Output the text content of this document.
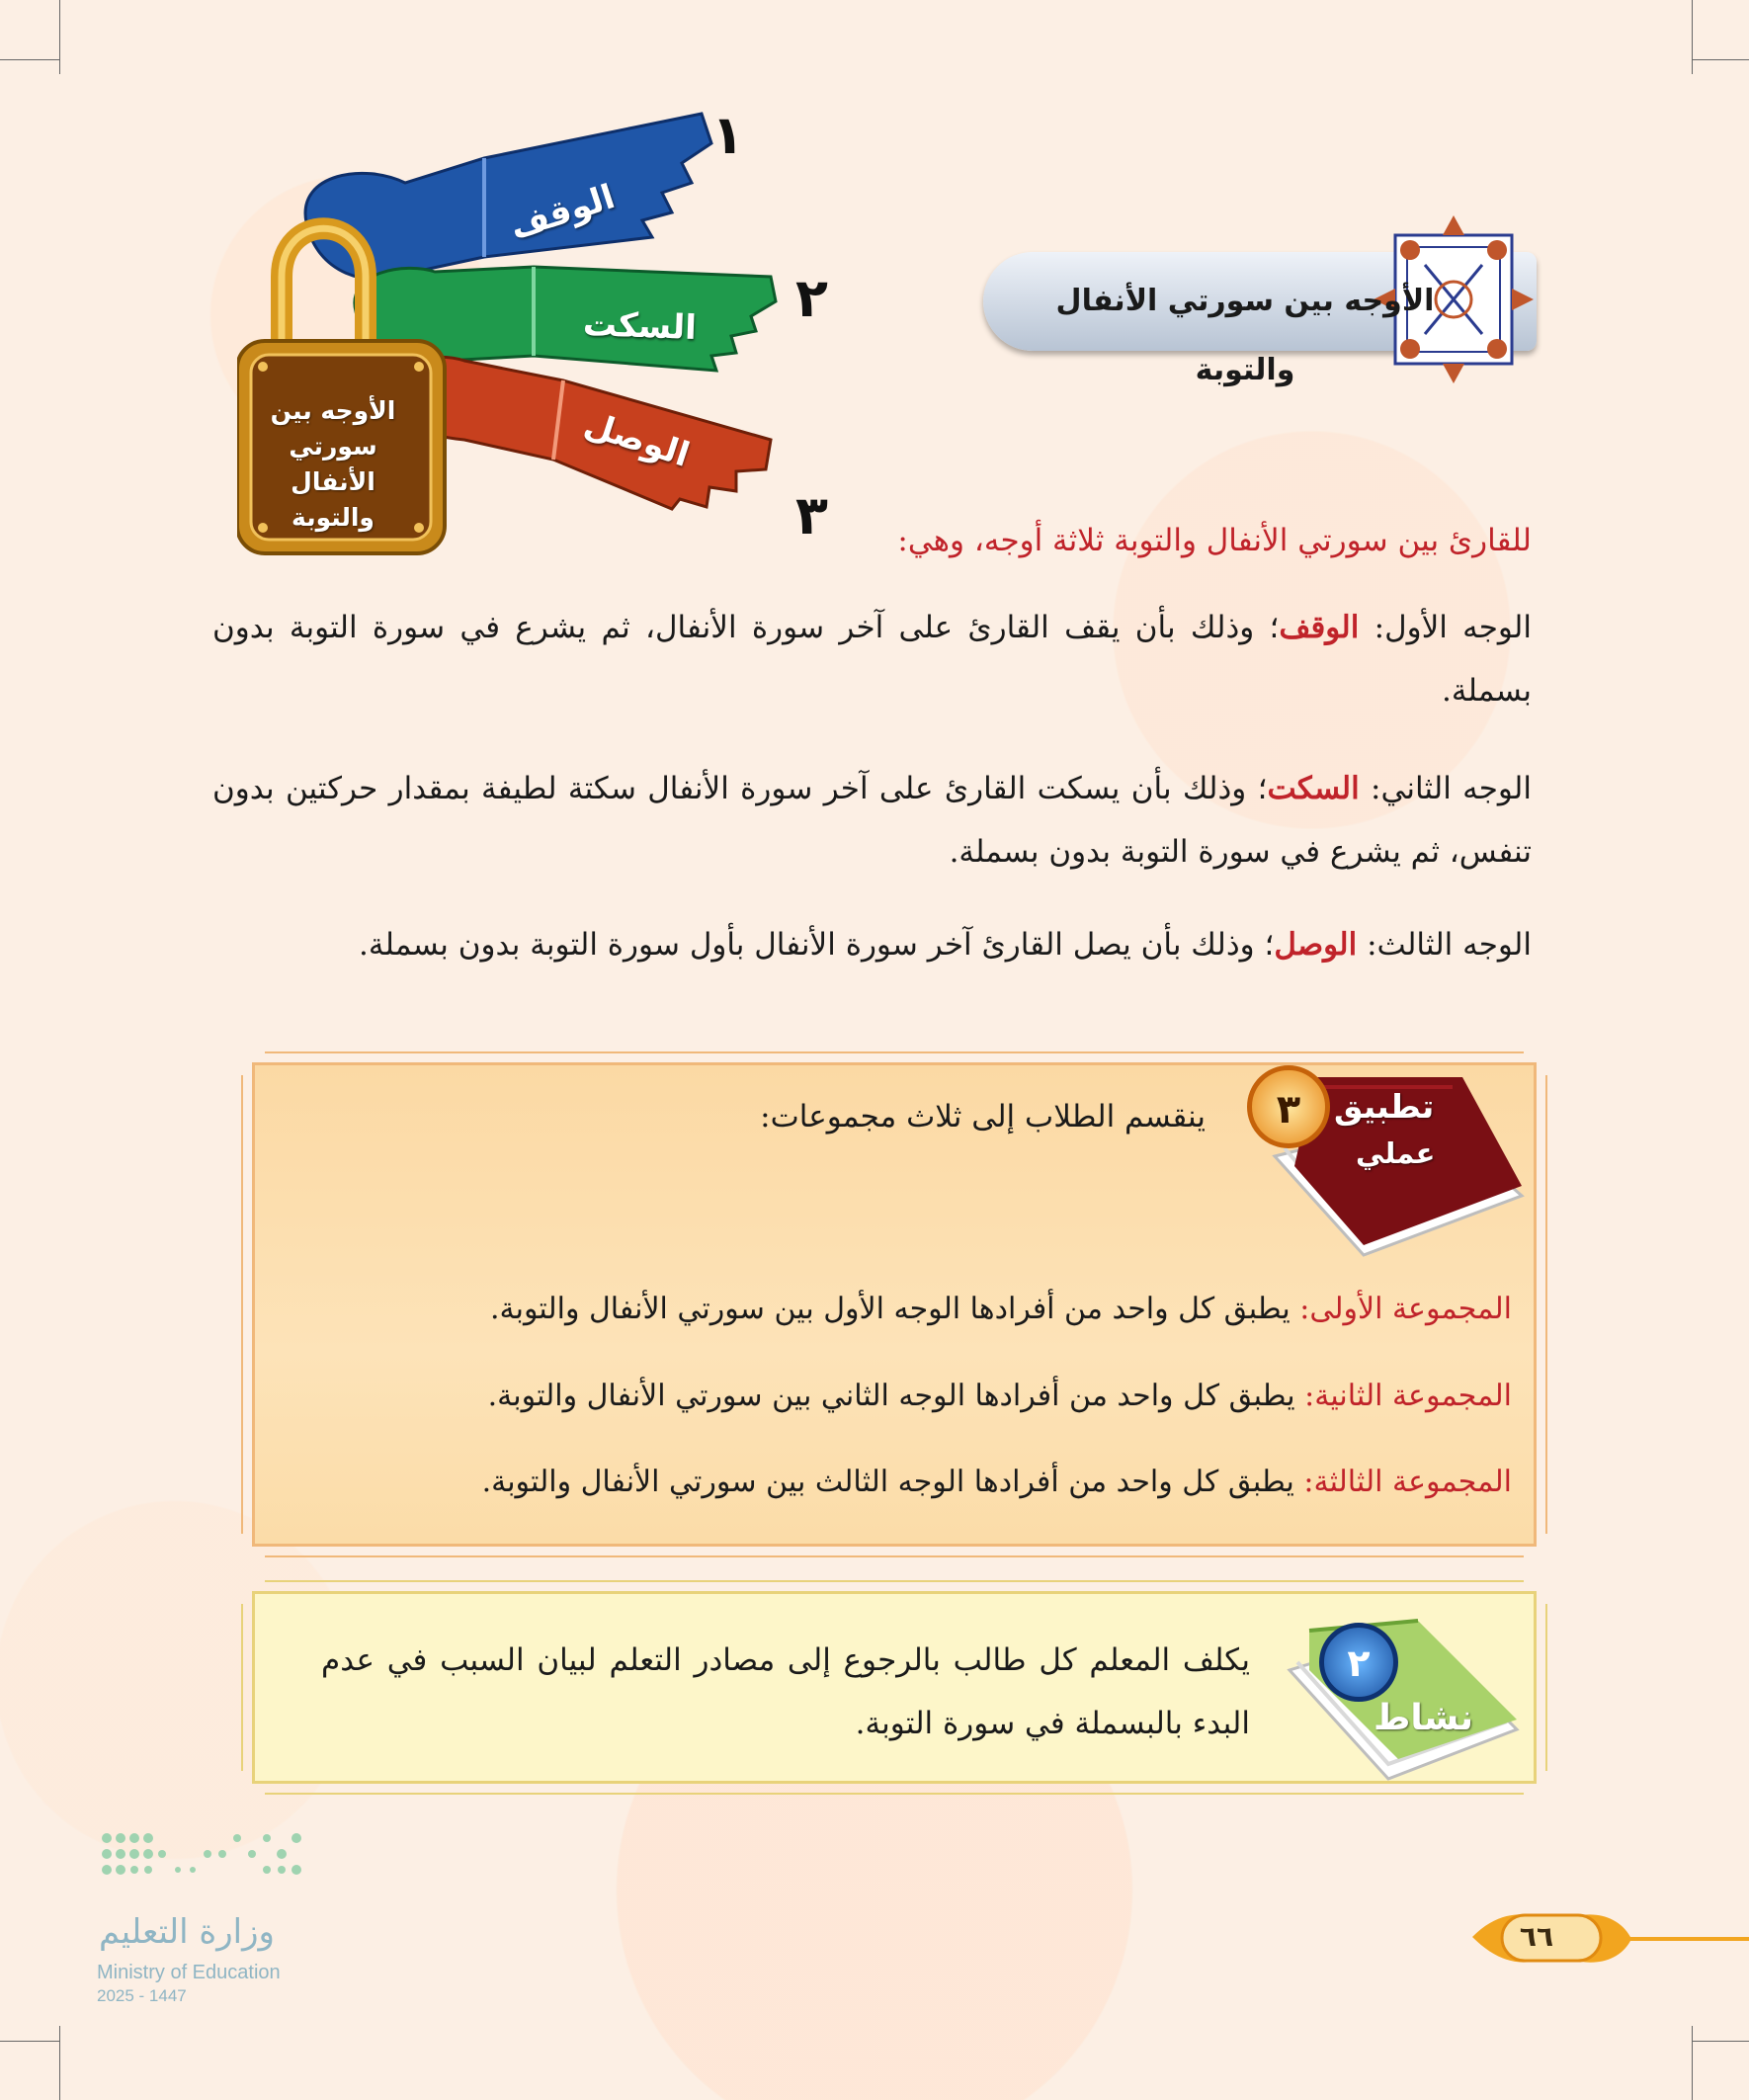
الأوجه بين سورتي الأنفال والتوبة
الوقف
السكت
الوصل
١
٢
٣
الأوجه بين
سورتي الأنفال
والتوبة
للقارئ بين سورتي الأنفال والتوبة ثلاثة أوجه، وهي:
الوجه الأول: الوقف؛ وذلك بأن يقف القارئ على آخر سورة الأنفال، ثم يشرع في سورة التوبة بدون بسملة.
الوجه الثاني: السكت؛ وذلك بأن يسكت القارئ على آخر سورة الأنفال سكتة لطيفة بمقدار حركتين بدون تنفس، ثم يشرع في سورة التوبة بدون بسملة.
الوجه الثالث: الوصل؛ وذلك بأن يصل القارئ آخر سورة الأنفال بأول سورة التوبة بدون بسملة.
٣	تطبيق
عملي
ينقسم الطلاب إلى ثلاث مجموعات:
المجموعة الأولى: يطبق كل واحد من أفرادها الوجه الأول بين سورتي الأنفال والتوبة.
المجموعة الثانية: يطبق كل واحد من أفرادها الوجه الثاني بين سورتي الأنفال والتوبة.
المجموعة الثالثة: يطبق كل واحد من أفرادها الوجه الثالث بين سورتي الأنفال والتوبة.
٢
نشاط
يكلف المعلم كل طالب بالرجوع إلى مصادر التعلم لبيان السبب في عدم البدء بالبسملة في سورة التوبة.
وزارة التعليم
Ministry of Education
2025 - 1447
٦٦
